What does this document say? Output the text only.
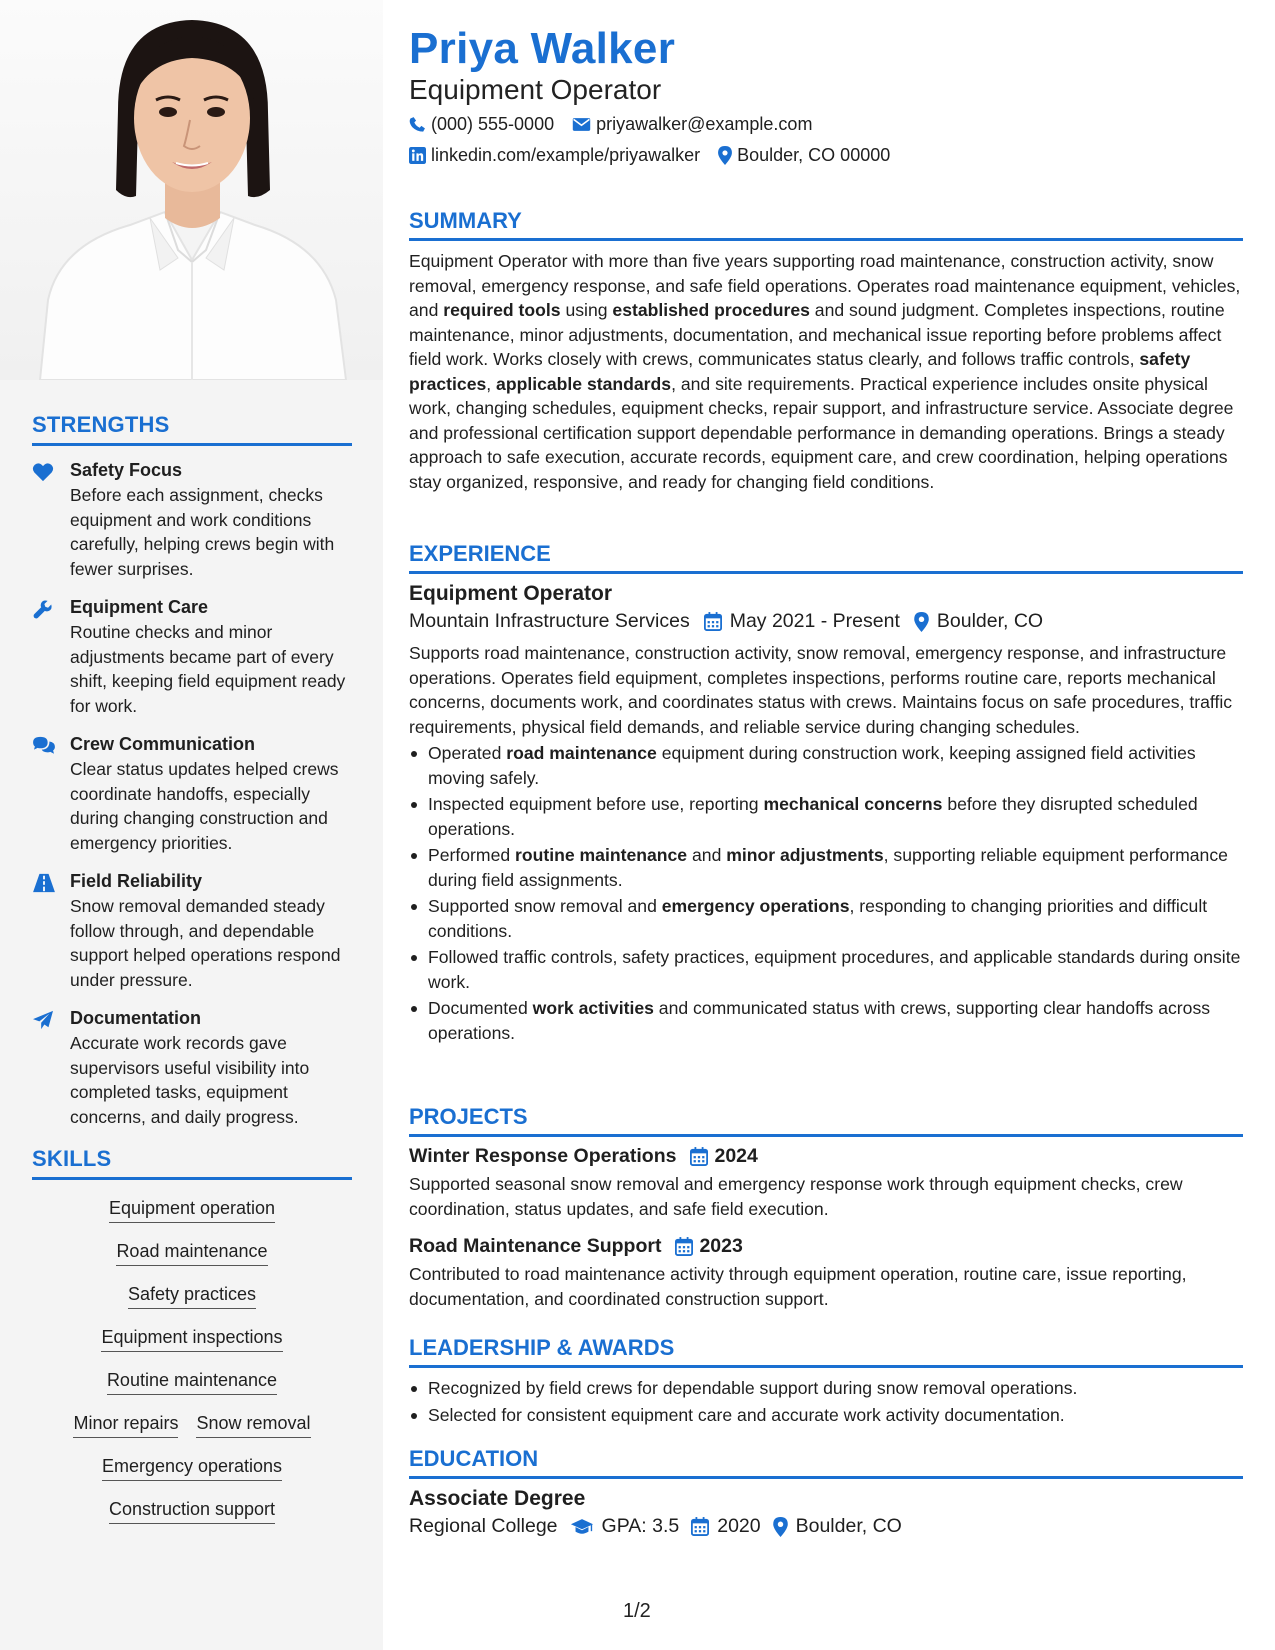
STRENGTHS
Safety Focus
Before each assignment, checks equipment and work conditions carefully, helping crews begin with fewer surprises.
Equipment Care
Routine checks and minor adjustments became part of every shift, keeping field equipment ready for work.
Crew Communication
Clear status updates helped crews coordinate handoffs, especially during changing construction and emergency priorities.
Field Reliability
Snow removal demanded steady follow through, and dependable support helped operations respond under pressure.
Documentation
Accurate work records gave supervisors useful visibility into completed tasks, equipment concerns, and daily progress.
SKILLS
Equipment operation
Road maintenance
Safety practices
Equipment inspections
Routine maintenance
Minor repairs Snow removal
Emergency operations
Construction support
Priya Walker
Equipment Operator
(000) 555-0000 priyawalker@example.com
linkedin.com/example/priyawalker Boulder, CO 00000
SUMMARY
Equipment Operator with more than five years supporting road maintenance, construction activity, snow removal, emergency response, and safe field operations. Operates road maintenance equipment, vehicles, and required tools using established procedures and sound judgment. Completes inspections, routine maintenance, minor adjustments, documentation, and mechanical issue reporting before problems affect field work. Works closely with crews, communicates status clearly, and follows traffic controls, safety practices, applicable standards, and site requirements. Practical experience includes onsite physical work, changing schedules, equipment checks, repair support, and infrastructure service. Associate degree and professional certification support dependable performance in demanding operations. Brings a steady approach to safe execution, accurate records, equipment care, and crew coordination, helping operations stay organized, responsive, and ready for changing field conditions.
EXPERIENCE
Equipment Operator
Mountain Infrastructure Services May 2021 - Present Boulder, CO
Supports road maintenance, construction activity, snow removal, emergency response, and infrastructure operations. Operates field equipment, completes inspections, performs routine care, reports mechanical concerns, documents work, and coordinates status with crews. Maintains focus on safe procedures, traffic requirements, physical field demands, and reliable service during changing schedules.
Operated road maintenance equipment during construction work, keeping assigned field activities moving safely.
Inspected equipment before use, reporting mechanical concerns before they disrupted scheduled operations.
Performed routine maintenance and minor adjustments, supporting reliable equipment performance during field assignments.
Supported snow removal and emergency operations, responding to changing priorities and difficult conditions.
Followed traffic controls, safety practices, equipment procedures, and applicable standards during onsite work.
Documented work activities and communicated status with crews, supporting clear handoffs across operations.
PROJECTS
Winter Response Operations 2024
Supported seasonal snow removal and emergency response work through equipment checks, crew coordination, status updates, and safe field execution.
Road Maintenance Support 2023
Contributed to road maintenance activity through equipment operation, routine care, issue reporting, documentation, and coordinated construction support.
LEADERSHIP & AWARDS
Recognized by field crews for dependable support during snow removal operations.
Selected for consistent equipment care and accurate work activity documentation.
EDUCATION
Associate Degree
Regional College GPA: 3.5 2020 Boulder, CO
1/2
